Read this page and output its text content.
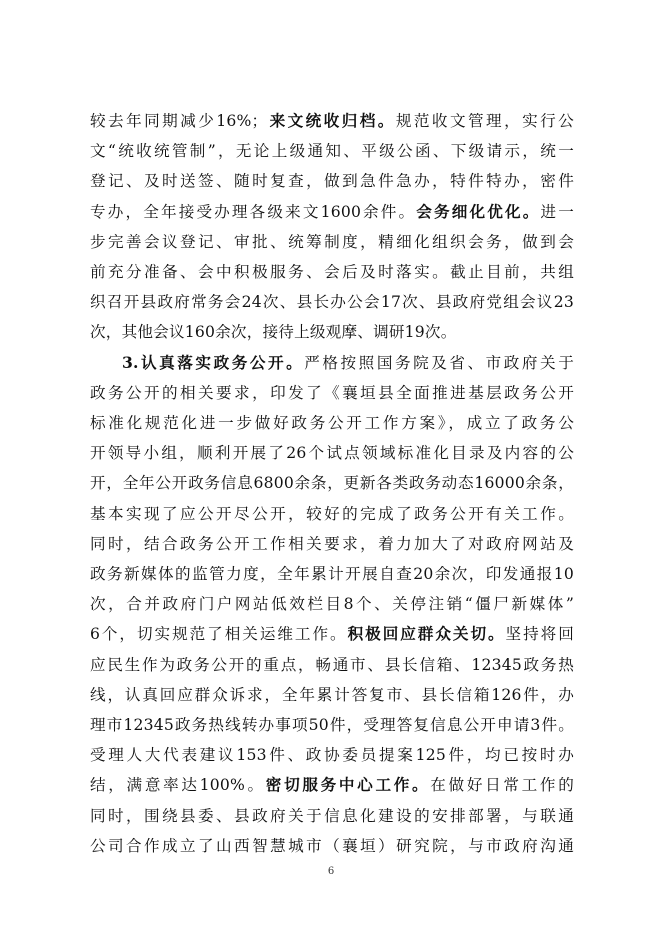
较去年同期减少16%；来文统收归档。规范收文管理，实行公
文“统收统管制”，无论上级通知、平级公函、下级请示，统一
登记、及时送签、随时复查，做到急件急办，特件特办，密件
专办，全年接受办理各级来文1600余件。会务细化优化。进一
步完善会议登记、审批、统筹制度，精细化组织会务，做到会
前充分准备、会中积极服务、会后及时落实。截止目前，共组
织召开县政府常务会24次、县长办公会17次、县政府党组会议23
次，其他会议160余次，接待上级观摩、调研19次。
3.认真落实政务公开。严格按照国务院及省、市政府关于
政务公开的相关要求，印发了《襄垣县全面推进基层政务公开
标准化规范化进一步做好政务公开工作方案》，成立了政务公
开领导小组，顺利开展了26个试点领域标准化目录及内容的公
开，全年公开政务信息6800余条，更新各类政务动态16000余条，
基本实现了应公开尽公开，较好的完成了政务公开有关工作。
同时，结合政务公开工作相关要求，着力加大了对政府网站及
政务新媒体的监管力度，全年累计开展自查20余次，印发通报10
次，合并政府门户网站低效栏目8个、关停注销“僵尸新媒体”
6个，切实规范了相关运维工作。积极回应群众关切。坚持将回
应民生作为政务公开的重点，畅通市、县长信箱、12345政务热
线，认真回应群众诉求，全年累计答复市、县长信箱126件，办
理市12345政务热线转办事项50件，受理答复信息公开申请3件。
受理人大代表建议153件、政协委员提案125件，均已按时办
结，满意率达100%。密切服务中心工作。在做好日常工作的
同时，围绕县委、县政府关于信息化建设的安排部署，与联通
公司合作成立了山西智慧城市（襄垣）研究院，与市政府沟通
6
